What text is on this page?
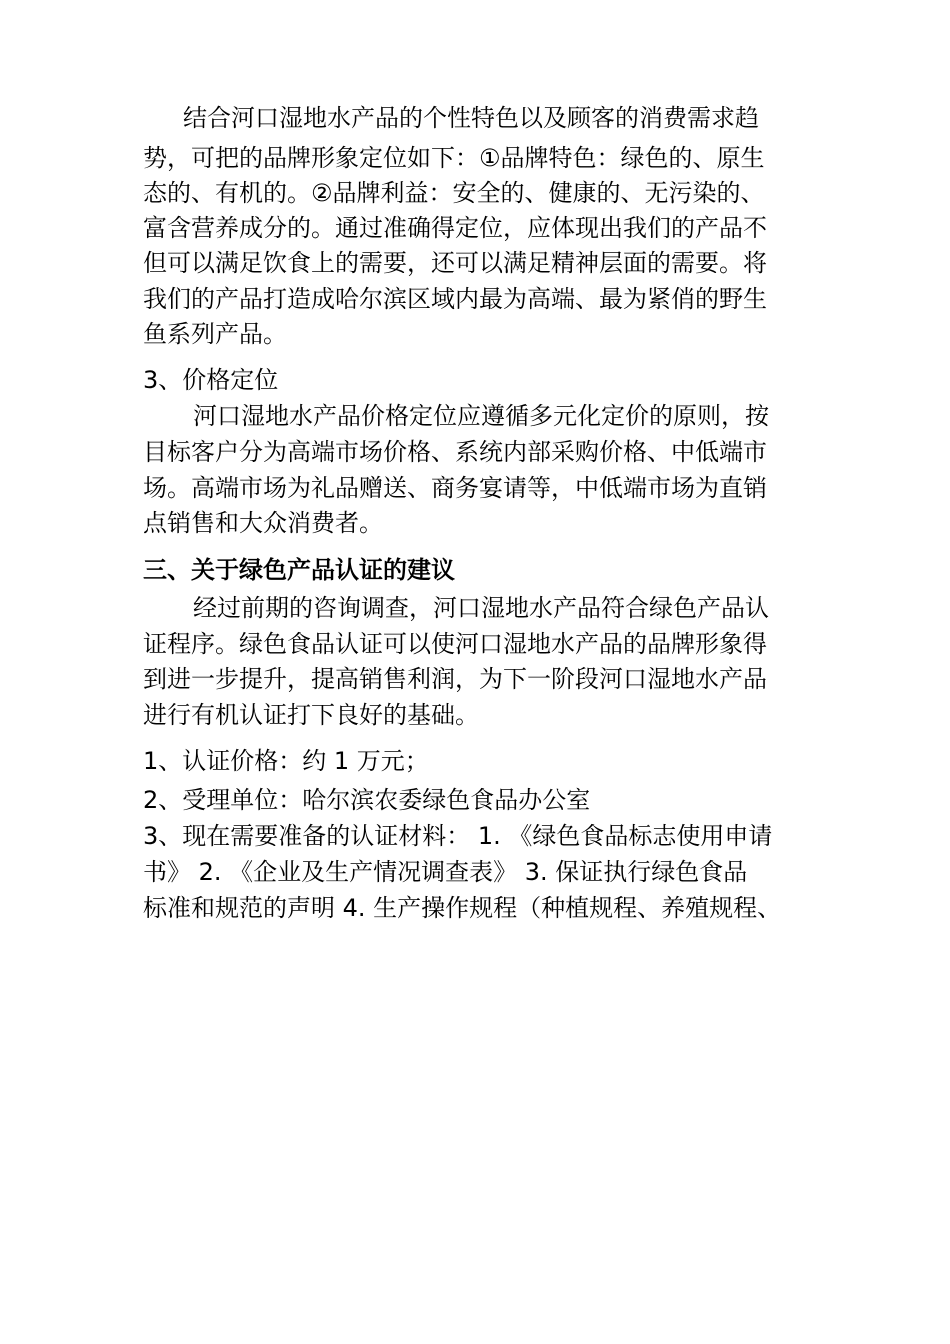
结合河口湿地水产品的个性特色以及顾客的消费需求趋
势，可把的品牌形象定位如下：①品牌特色：绿色的、原生
态的、有机的。②品牌利益：安全的、健康的、无污染的、
富含营养成分的。通过准确得定位，应体现出我们的产品不
但可以满足饮食上的需要，还可以满足精神层面的需要。将
我们的产品打造成哈尔滨区域内最为高端、最为紧俏的野生
鱼系列产品。
3、价格定位
河口湿地水产品价格定位应遵循多元化定价的原则，按
目标客户分为高端市场价格、系统内部采购价格、中低端市
场。高端市场为礼品赠送、商务宴请等，中低端市场为直销
点销售和大众消费者。
三、关于绿色产品认证的建议
经过前期的咨询调查，河口湿地水产品符合绿色产品认
证程序。绿色食品认证可以使河口湿地水产品的品牌形象得
到进一步提升，提高销售利润，为下一阶段河口湿地水产品
进行有机认证打下良好的基础。
1、认证价格：约 1 万元；
2、受理单位：哈尔滨农委绿色食品办公室
3、现在需要准备的认证材料： 1. 《绿色食品标志使用申请
书》 2. 《企业及生产情况调查表》 3. 保证执行绿色食品
标准和规范的声明 4. 生产操作规程（种植规程、养殖规程、
